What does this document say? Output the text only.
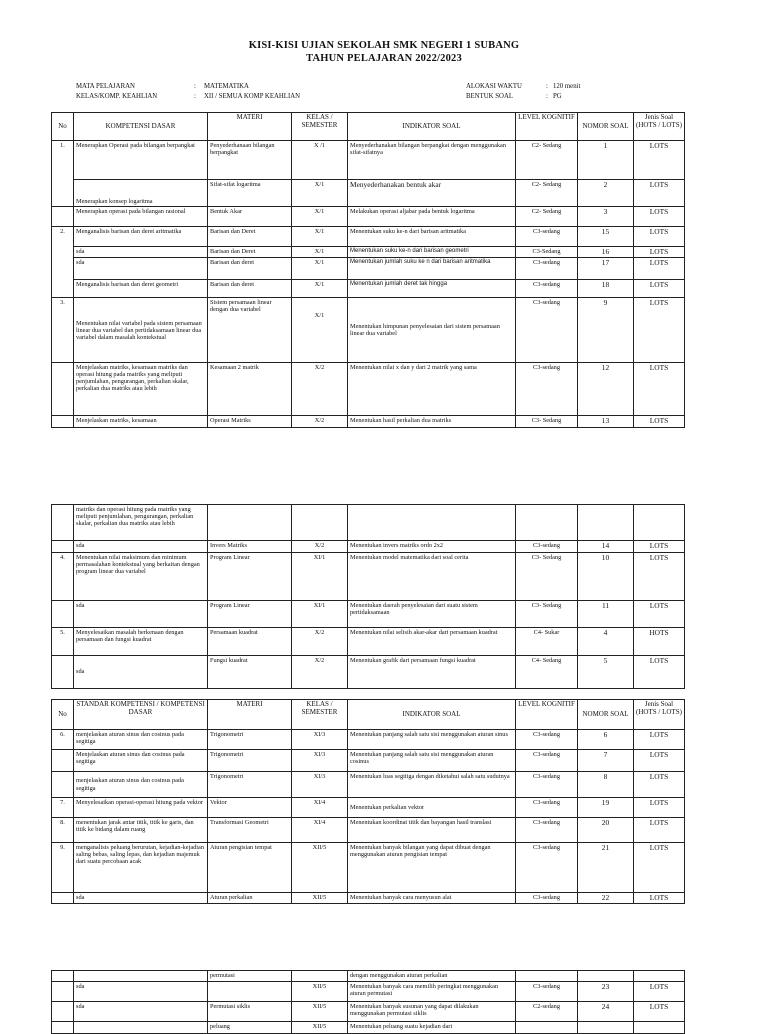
KISI-KISI UJIAN SEKOLAH SMK NEGERI 1 SUBANG
TAHUN PELAJARAN 2022/2023
MATA PELAJARAN	: MATEMATIKA
KELAS/KOMP. KEAHLIAN	: XII / SEMUA KOMP KEAHLIAN
ALOKASI WAKTU	: 120 menit
BENTUK SOAL	: PG
No	KOMPETENSI DASAR	MATERI	KELAS / SEMESTER	INDIKATOR SOAL	LEVEL KOGNITIF	NOMOR SOAL	Jenis Soal (HOTS / LOTS)
1.	Menerapkan Operasi pada bilangan berpangkat	Penyederhanaan bilangan berpangkat	X /1	Menyederhanakan bilangan berpangkat dengan menggunakan sifat-sifatnya	C2- Sedang	1	LOTS
	Menerapkan konsep logaritma	Sifat-sifat logaritma	X/1	Menyederhanakan bentuk akar	C2- Sedang	2	LOTS
	Menerapkan operasi pada bilangan rasional	Bentuk Akar	X/1	Melakukan operasi aljabar pada bentuk logaritma	C2- Sedang	3	LOTS
2.	Menganalisis barisan dan deret aritmatika	Barisan dan Deret	X/1	Menentukan suku ke-n dari barisan aritmatika	C3-sedang	15	LOTS
	sda	Barisan dan Deret	X/1	Menentukan suku ke-n dari barisan geometri	C3-Sedang	16	LOTS
	sda	Barisan dan deret	X/1	Menentukan jumlah suku ke n dari barisan aritmatika	C3-sedang	17	LOTS
	Menganalisis barisan dan deret geometri	Barisan dan deret	X/1	Menentukan jumlah deret tak hingga	C3-sedang	18	LOTS
3.	Menentukan nilai variabel pada sistem persamaan linear dua variabel dan pertidaksamaan linear dua variabel dalam masalah kontekstual	Sistem persamaan linear dengan dua variabel	X/1	Menentukan himpunan penyelesaian dari sistem persamaan linear dua variabel	C3-sedang	9	LOTS
	Menjelaskan matriks, kesamaan matriks dan operasi hitung pada matriks yang meliputi penjumlahan, pengurangan, perkalian skalar, perkalian dua matriks atau lebih	Kesamaan 2 matrik	X/2	Menentukan nilai x dan y dari 2 matrik yang sama	C3-sedang	12	LOTS
	Menjelaskan matriks, kesamaan	Operasi Matriks	X/2	Menentukan hasil perkalian dua matriks	C3- Sedang	13	LOTS
	matriks dan operasi hitung pada matriks yang meliputi penjumlahan, pengurangan, perkalian skalar, perkalian dua matriks atau lebih						
	sda	Invers Matriks	X/2	Menentukan invers matriks ordo 2x2	C3-sedang	14	LOTS
4.	Menentukan nilai maksimum dan minimum permasalahan kontekstual yang berkaitan dengan program linear dua variabel	Program Linear	XI/1	Menentukan model matematika dari soal cerita	C3- Sedang	10	LOTS
	sda	Program Linear	XI/1	Menentukan daerah penyelesaian dari suatu sistem pertidaksamaan	C3- Sedang	11	LOTS
5.	Menyelesaikan masalah berkenaan dengan persamaan dan fungsi kuadrat	Persamaan kuadrat	X/2	Menentukan nilai selisih akar-akar dari persamaan kuadrat	C4- Sukar	4	HOTS
	sda	Fungsi kuadrat	X/2	Menentukan grafik dari persamaan fungsi kuadrat	C4- Sedang	5	LOTS
No	STANDAR KOMPETENSI / KOMPETENSI DASAR	MATERI	KELAS / SEMESTER	INDIKATOR SOAL	LEVEL KOGNITIF	NOMOR SOAL	Jenis Soal (HOTS / LOTS)
6.	menjelaskan aturan sinus dan cosinus pada segitiga	Trigonometri	XI/3	Menentukan panjang salah satu sisi menggunakan aturan sinus	C3-sedang	6	LOTS
	Menjelaskan aturan sinus dan cosinus pada segitiga	Trigonometri	XI/3	Menentukan panjang salah satu sisi menggunakan aturan cosinus	C3-sedang	7	LOTS
	menjelaskan aturan sinus dan cosinus pada segitiga	Trigonometri	XI/3	Menentukan luas segitiga dengan diketahui salah satu sudutnya	C3-sedang	8	LOTS
7.	Menyelesaikan operasi-operasi hitung pada vektor	Vektor	XI/4	Menentukan perkalian vektor	C3-sedang	19	LOTS
8.	menentukan jarak antar titik, titik ke garis, dan titik ke bidang dalam ruang	Transformasi Geometri	XI/4	Menentukan koordinat titik dan bayangan hasil translasi	C3-sedang	20	LOTS
9.	menganalisis peluang berurutan, kejadian-kejadian saling bebas, saling lepas, dan kejadian majemuk dari suatu percobaan acak	Aturan pengisian tempat	XII/5	Menentukan banyak bilangan yang dapat dibuat dengan menggunakan aturan pengisian tempat	C3-sedang	21	LOTS
	sda	Aturan perkalian	XII/5	Menentukan banyak cara menyusun alat	C3-sedang	22	LOTS
		permutasi		dengan menggunakan aturan perkalian			
	sda		XII/5	Menentukan banyak cara memilih peringkat menggunakan aturan permutasi	C3-sedang	23	LOTS
	sda	Permutasi siklis	XII/5	Menentukan banyak susunan yang dapat dilakukan menggunakan permutasi siklis	C2-sedang	24	LOTS
		peluang	XII/5	Menentukan peluang suatu kejadian dari			
